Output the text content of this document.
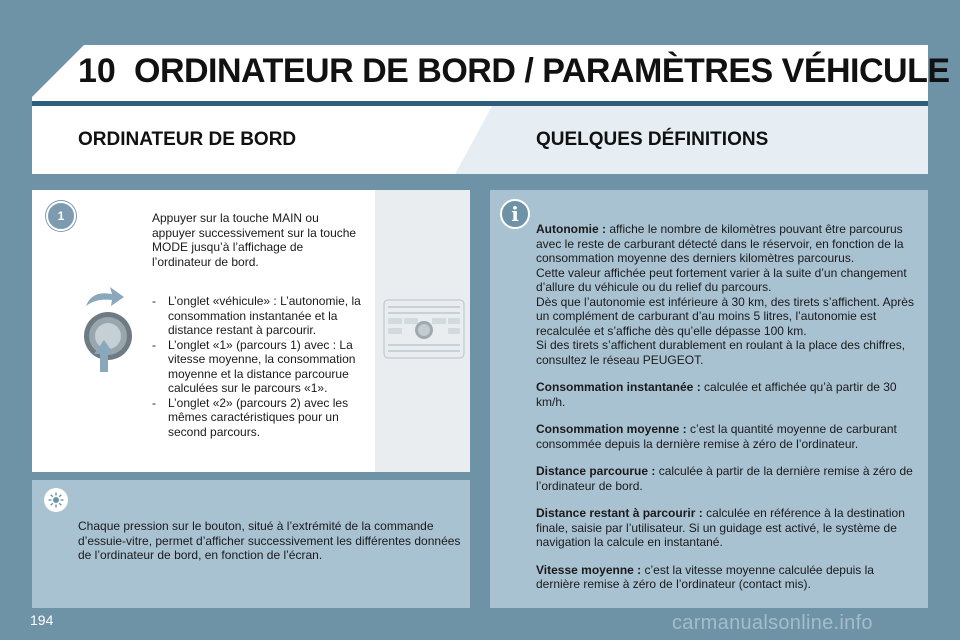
10 ORDINATEUR DE BORD / PARAMÈTRES VÉHICULE
ORDINATEUR DE BORD	QUELQUES DÉFINITIONS
1	Appuyer sur la touche MAIN ou appuyer successivement sur la touche MODE jusqu’à l’affichage de l’ordinateur de bord.
- L’onglet «véhicule» : L’autonomie, la consommation instantanée et la distance restant à parcourir.
- L’onglet «1» (parcours 1) avec : La vitesse moyenne, la consommation moyenne et la distance parcourue calculées sur le parcours «1».
- L’onglet «2» (parcours 2) avec les mêmes caractéristiques pour un second parcours.
Chaque pression sur le bouton, situé à l’extrémité de la commande d’essuie-vitre, permet d’afficher successivement les différentes données de l’ordinateur de bord, en fonction de l’écran.
i

Autonomie : affiche le nombre de kilomètres pouvant être parcourus avec le reste de carburant détecté dans le réservoir, en fonction de la consommation moyenne des derniers kilomètres parcourus.
Cette valeur affichée peut fortement varier à la suite d’un changement d’allure du véhicule ou du relief du parcours.
Dès que l’autonomie est inférieure à 30 km, des tirets s’affichent. Après un complément de carburant d’au moins 5 litres, l’autonomie est recalculée et s’affiche dès qu’elle dépasse 100 km.
Si des tirets s’affichent durablement en roulant à la place des chiffres, consultez le réseau PEUGEOT.

Consommation instantanée : calculée et affichée qu’à partir de 30 km/h.

Consommation moyenne : c’est la quantité moyenne de carburant consommée depuis la dernière remise à zéro de l’ordinateur.

Distance parcourue : calculée à partir de la dernière remise à zéro de l’ordinateur de bord.

Distance restant à parcourir : calculée en référence à la destination finale, saisie par l’utilisateur. Si un guidage est activé, le système de navigation la calcule en instantané.

Vitesse moyenne : c’est la vitesse moyenne calculée depuis la dernière remise à zéro de l’ordinateur (contact mis).

194	carmanualsonline.info
